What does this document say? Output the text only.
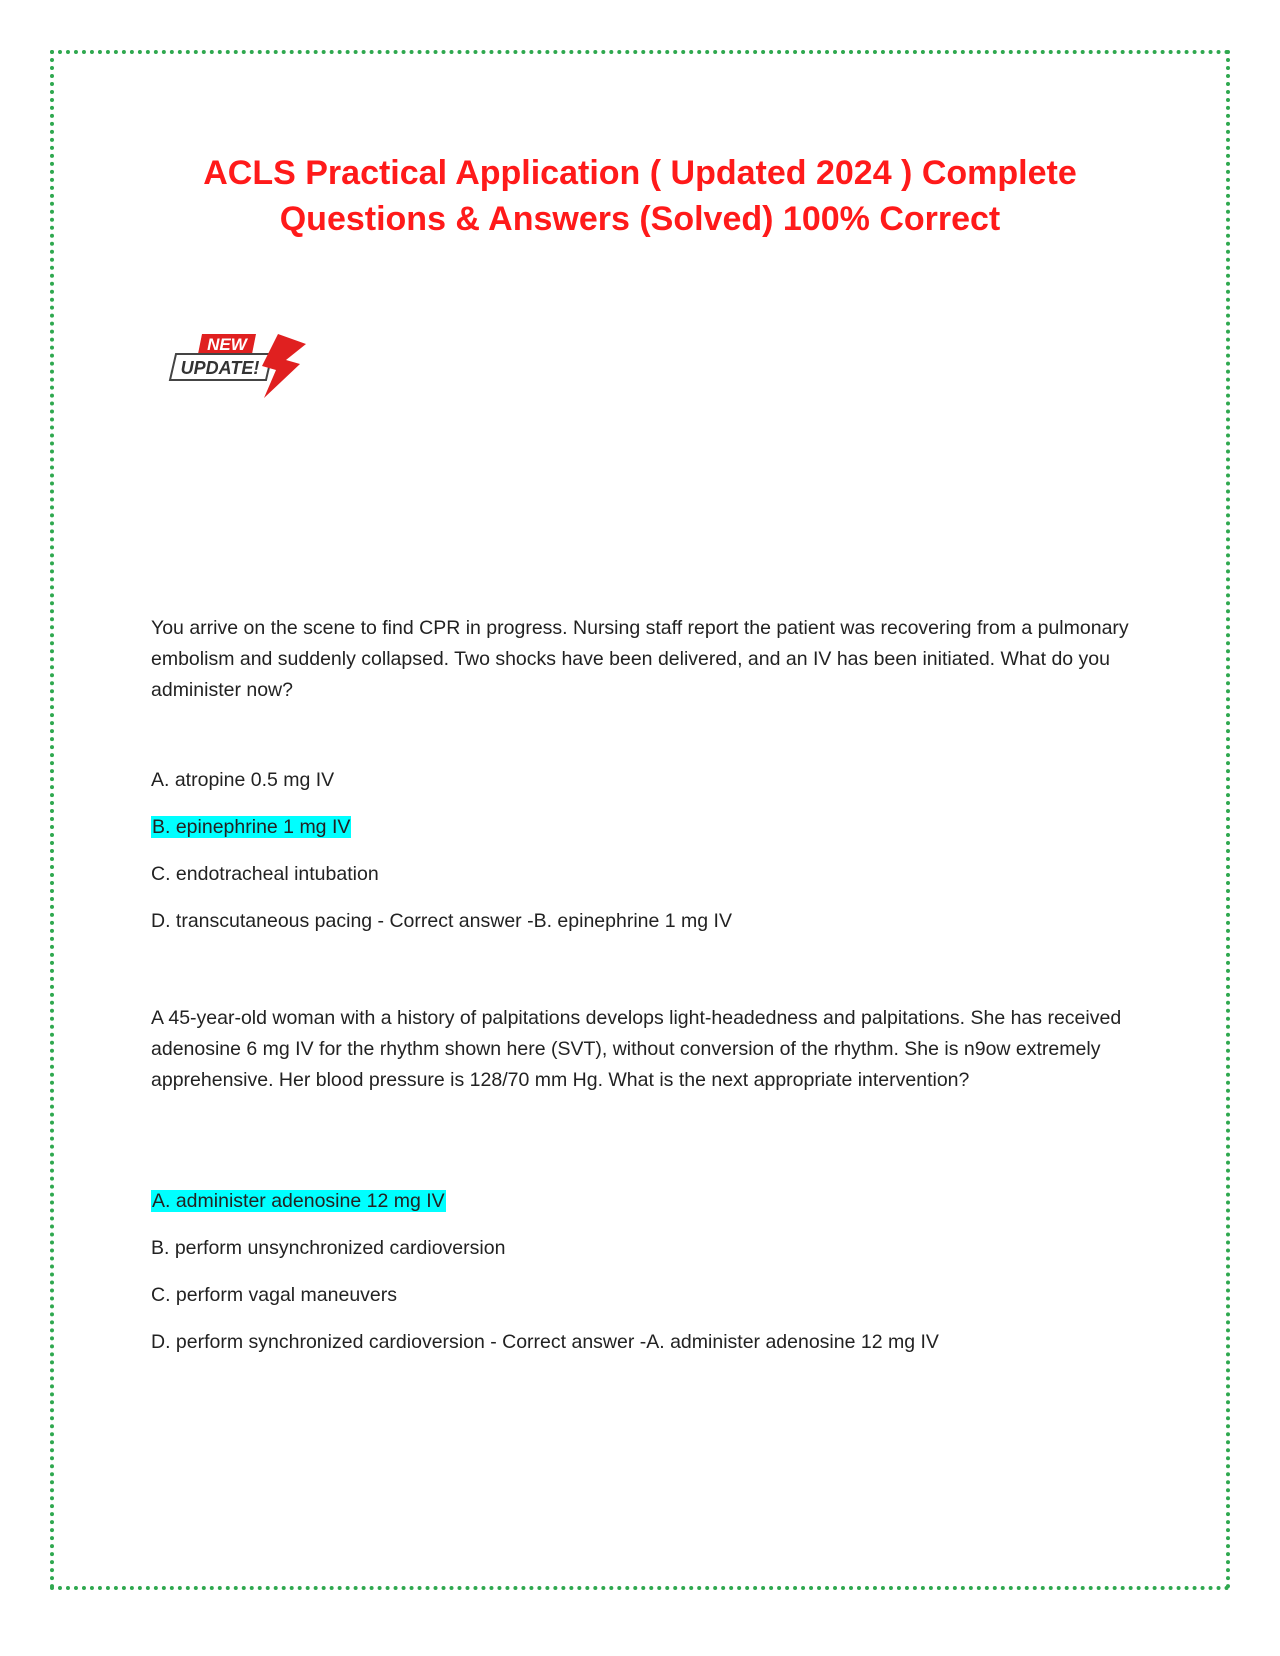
ACLS Practical Application ( Updated 2024 ) Complete Questions & Answers (Solved) 100% Correct
NEW
UPDATE!

You arrive on the scene to find CPR in progress. Nursing staff report the patient was recovering from a pulmonary embolism and suddenly collapsed. Two shocks have been delivered, and an IV has been initiated. What do you administer now?

A. atropine 0.5 mg IV

B. epinephrine 1 mg IV

C. endotracheal intubation

D. transcutaneous pacing - Correct answer -B. epinephrine 1 mg IV

A 45-year-old woman with a history of palpitations develops light-headedness and palpitations. She has received adenosine 6 mg IV for the rhythm shown here (SVT), without conversion of the rhythm. She is n9ow extremely apprehensive. Her blood pressure is 128/70 mm Hg. What is the next appropriate intervention?

A. administer adenosine 12 mg IV

B. perform unsynchronized cardioversion

C. perform vagal maneuvers

D. perform synchronized cardioversion - Correct answer -A. administer adenosine 12 mg IV
